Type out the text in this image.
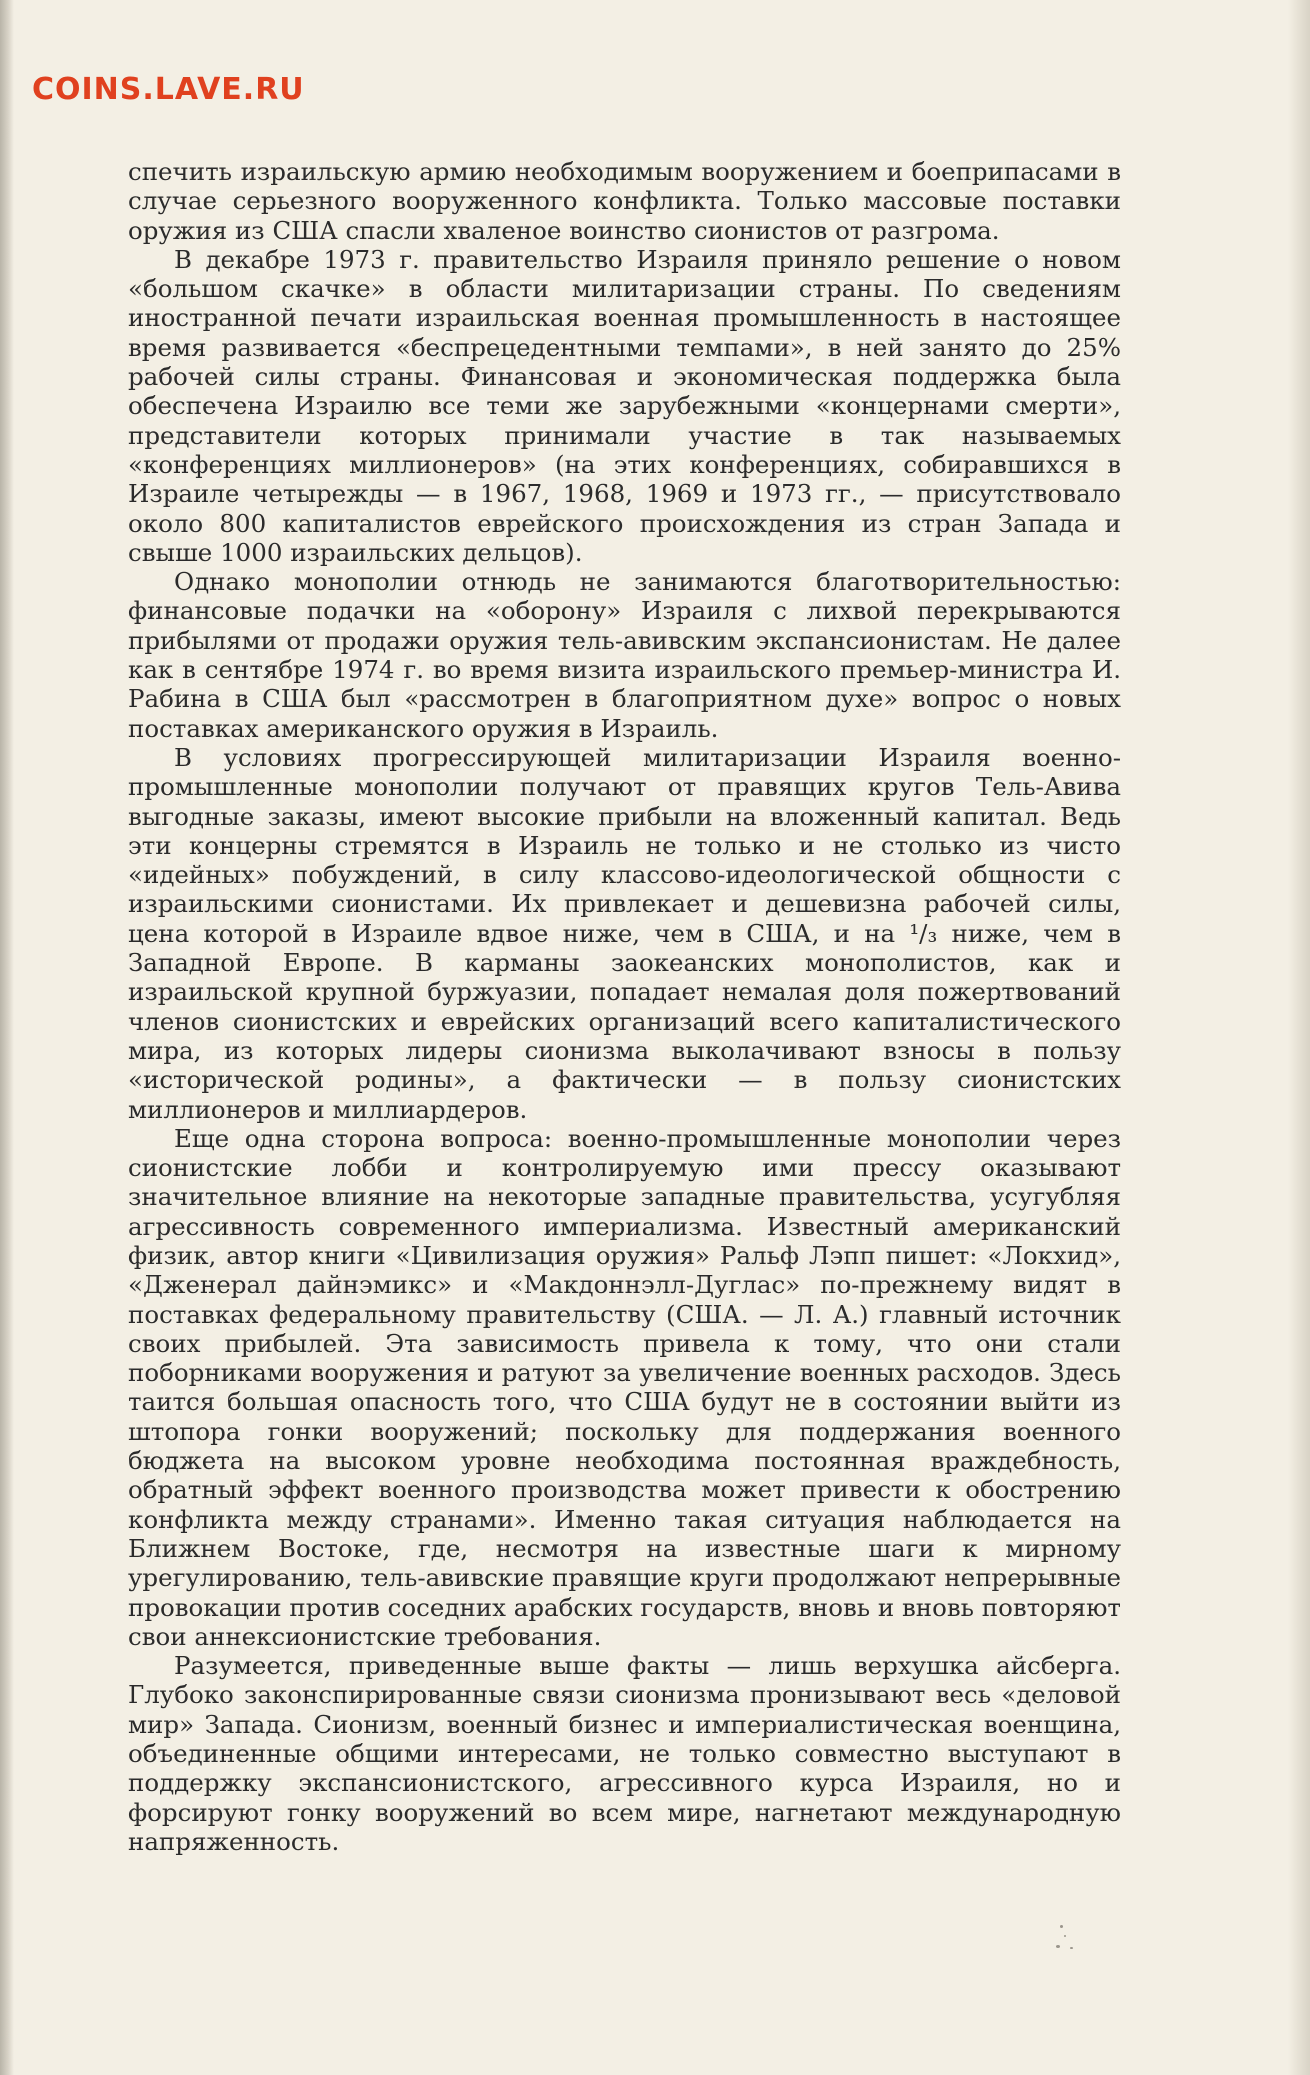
COINS.LAVE.RU

спечить израильскую армию необходимым вооружением и боеприпасами в случае серьезного вооруженного конфликта. Только массовые поставки оружия из США спасли хваленое воинство сионистов от разгрома.

В декабре 1973 г. правительство Израиля приняло решение о новом «большом скачке» в области милитаризации страны. По сведениям иностранной печати израильская военная промышленность в настоящее время развивается «беспрецедентными темпами», в ней занято до 25% рабочей силы страны. Финансовая и экономическая поддержка была обеспечена Израилю все теми же зарубежными «концернами смерти», представители которых принимали участие в так называемых «конференциях миллионеров» (на этих конференциях, собиравшихся в Израиле четырежды — в 1967, 1968, 1969 и 1973 гг., — присутствовало около 800 капиталистов еврейского происхождения из стран Запада и свыше 1000 израильских дельцов).

Однако монополии отнюдь не занимаются благотворительностью: финансовые подачки на «оборону» Израиля с лихвой перекрываются прибылями от продажи оружия тель-авивским экспансионистам. Не далее как в сентябре 1974 г. во время визита израильского премьер-министра И. Рабина в США был «рассмотрен в благоприятном духе» вопрос о новых поставках американского оружия в Израиль.

В условиях прогрессирующей милитаризации Израиля военно-промышленные монополии получают от правящих кругов Тель-Авива выгодные заказы, имеют высокие прибыли на вложенный капитал. Ведь эти концерны стремятся в Израиль не только и не столько из чисто «идейных» побуждений, в силу классово-идеологической общности с израильскими сионистами. Их привлекает и дешевизна рабочей силы, цена которой в Израиле вдвое ниже, чем в США, и на ¹/₃ ниже, чем в Западной Европе. В карманы заокеанских монополистов, как и израильской крупной буржуазии, попадает немалая доля пожертвований членов сионистских и еврейских организаций всего капиталистического мира, из которых лидеры сионизма выколачивают взносы в пользу «исторической родины», а фактически — в пользу сионистских миллионеров и миллиардеров.

Еще одна сторона вопроса: военно-промышленные монополии через сионистские лобби и контролируемую ими прессу оказывают значительное влияние на некоторые западные правительства, усугубляя агрессивность современного империализма. Известный американский физик, автор книги «Цивилизация оружия» Ральф Лэпп пишет: «Локхид», «Дженерал дайнэмикс» и «Макдоннэлл-Дуглас» по-прежнему видят в поставках федеральному правительству (США. — Л. А.) главный источник своих прибылей. Эта зависимость привела к тому, что они стали поборниками вооружения и ратуют за увеличение военных расходов. Здесь таится большая опасность того, что США будут не в состоянии выйти из штопора гонки вооружений; поскольку для поддержания военного бюджета на высоком уровне необходима постоянная враждебность, обратный эффект военного производства может привести к обострению конфликта между странами». Именно такая ситуация наблюдается на Ближнем Востоке, где, несмотря на известные шаги к мирному урегулированию, тель-авивские правящие круги продолжают непрерывные провокации против соседних арабских государств, вновь и вновь повторяют свои аннексионистские требования.

Разумеется, приведенные выше факты — лишь верхушка айсберга. Глубоко законспирированные связи сионизма пронизывают весь «деловой мир» Запада. Сионизм, военный бизнес и империалистическая военщина, объединенные общими интересами, не только совместно выступают в поддержку экспансионистского, агрессивного курса Израиля, но и форсируют гонку вооружений во всем мире, нагнетают международную напряженность.
